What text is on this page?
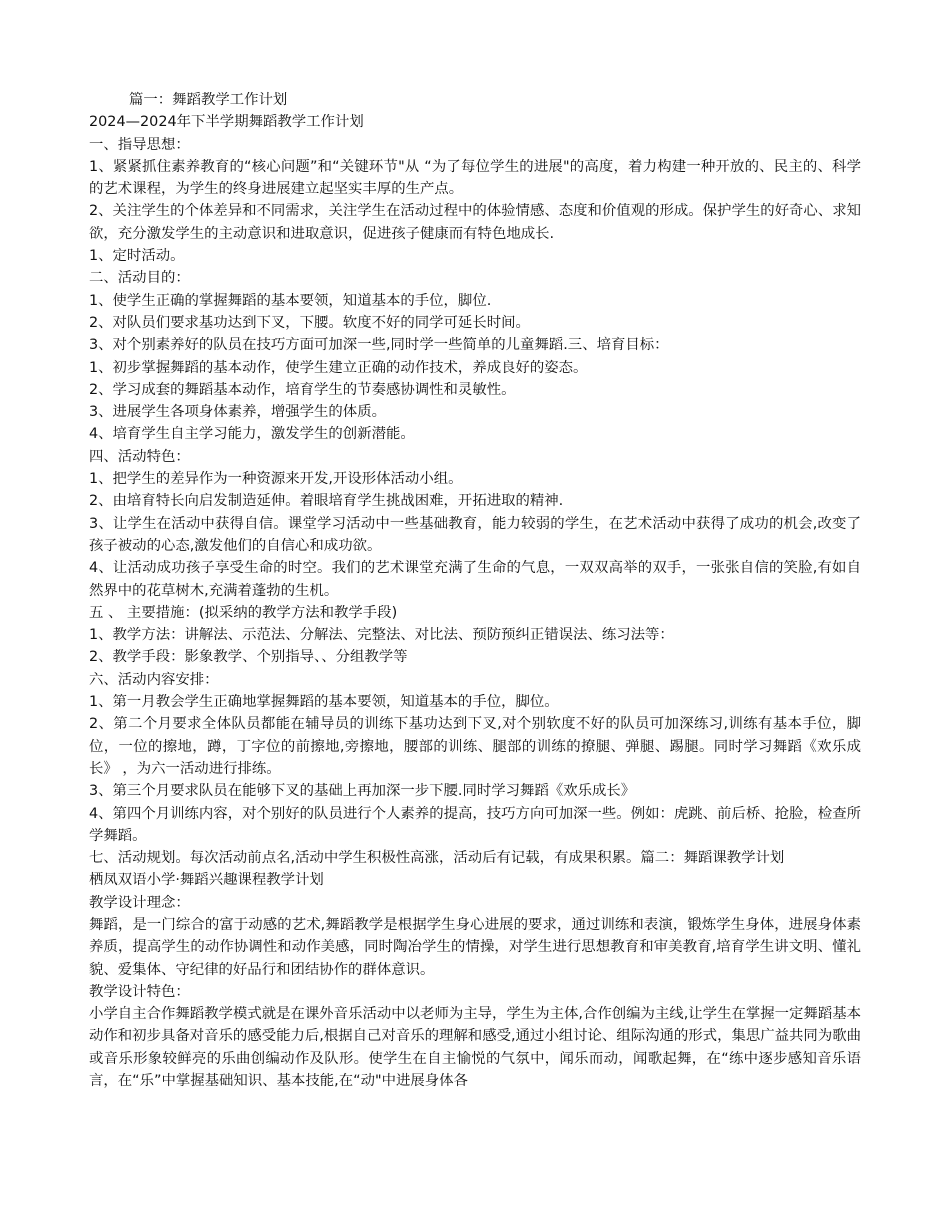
篇一：舞蹈教学工作计划

2024—2024年下半学期舞蹈教学工作计划

一、指导思想：

1、紧紧抓住素养教育的“核心问题”和“关键环节"从 “为了每位学生的进展"的高度，着力构建一种开放的、民主的、科学的艺术课程，为学生的终身进展建立起坚实丰厚的生产点。

2、关注学生的个体差异和不同需求，关注学生在活动过程中的体验情感、态度和价值观的形成。保护学生的好奇心、求知欲，充分激发学生的主动意识和进取意识，促进孩子健康而有特色地成长.

1、定时活动。

二、活动目的：

1、使学生正确的掌握舞蹈的基本要领，知道基本的手位，脚位.

2、对队员们要求基功达到下叉，下腰。软度不好的同学可延长时间。

3、对个别素养好的队员在技巧方面可加深一些,同时学一些简单的儿童舞蹈.三、培育目标：

1、初步掌握舞蹈的基本动作，使学生建立正确的动作技术，养成良好的姿态。

2、学习成套的舞蹈基本动作，培育学生的节奏感协调性和灵敏性。

3、进展学生各项身体素养，增强学生的体质。

4、培育学生自主学习能力，激发学生的创新潜能。

四、活动特色：

1、把学生的差异作为一种资源来开发,开设形体活动小组。

2、由培育特长向启发制造延伸。着眼培育学生挑战困难，开拓进取的精神.

3、让学生在活动中获得自信。课堂学习活动中一些基础教育，能力较弱的学生，在艺术活动中获得了成功的机会,改变了孩子被动的心态,激发他们的自信心和成功欲。

4、让活动成功孩子享受生命的时空。我们的艺术课堂充满了生命的气息，一双双高举的双手，一张张自信的笑脸,有如自然界中的花草树木,充满着蓬勃的生机。

五 、 主要措施：(拟采纳的教学方法和教学手段)

1、教学方法：讲解法、示范法、分解法、完整法、对比法、预防预纠正错误法、练习法等：

2、教学手段：影象教学、个别指导、、分组教学等

六、活动内容安排：

1、第一月教会学生正确地掌握舞蹈的基本要领，知道基本的手位，脚位。

2、第二个月要求全体队员都能在辅导员的训练下基功达到下叉,对个别软度不好的队员可加深练习,训练有基本手位，脚位，一位的擦地，蹲，丁字位的前擦地,旁擦地，腰部的训练、腿部的训练的撩腿、弹腿、踢腿。同时学习舞蹈《欢乐成长》 ，为六一活动进行排练。

3、第三个月要求队员在能够下叉的基础上再加深一步下腰.同时学习舞蹈《欢乐成长》

4、第四个月训练内容，对个别好的队员进行个人素养的提高，技巧方向可加深一些。例如：虎跳、前后桥、抢脸，检查所学舞蹈。

七、活动规划。每次活动前点名,活动中学生积极性高涨，活动后有记载，有成果积累。篇二：舞蹈课教学计划

栖凤双语小学·舞蹈兴趣课程教学计划

教学设计理念：

舞蹈，是一门综合的富于动感的艺术,舞蹈教学是根据学生身心进展的要求，通过训练和表演，锻炼学生身体，进展身体素养质，提高学生的动作协调性和动作美感，同时陶冶学生的情操，对学生进行思想教育和审美教育,培育学生讲文明、懂礼貌、爱集体、守纪律的好品行和团结协作的群体意识。

教学设计特色：

小学自主合作舞蹈教学模式就是在课外音乐活动中以老师为主导，学生为主体,合作创编为主线,让学生在掌握一定舞蹈基本动作和初步具备对音乐的感受能力后,根据自己对音乐的理解和感受,通过小组讨论、组际沟通的形式，集思广益共同为歌曲或音乐形象较鲜亮的乐曲创编动作及队形。使学生在自主愉悦的气氛中，闻乐而动，闻歌起舞，在“练中逐步感知音乐语言，在“乐”中掌握基础知识、基本技能,在“动"中进展身体各
